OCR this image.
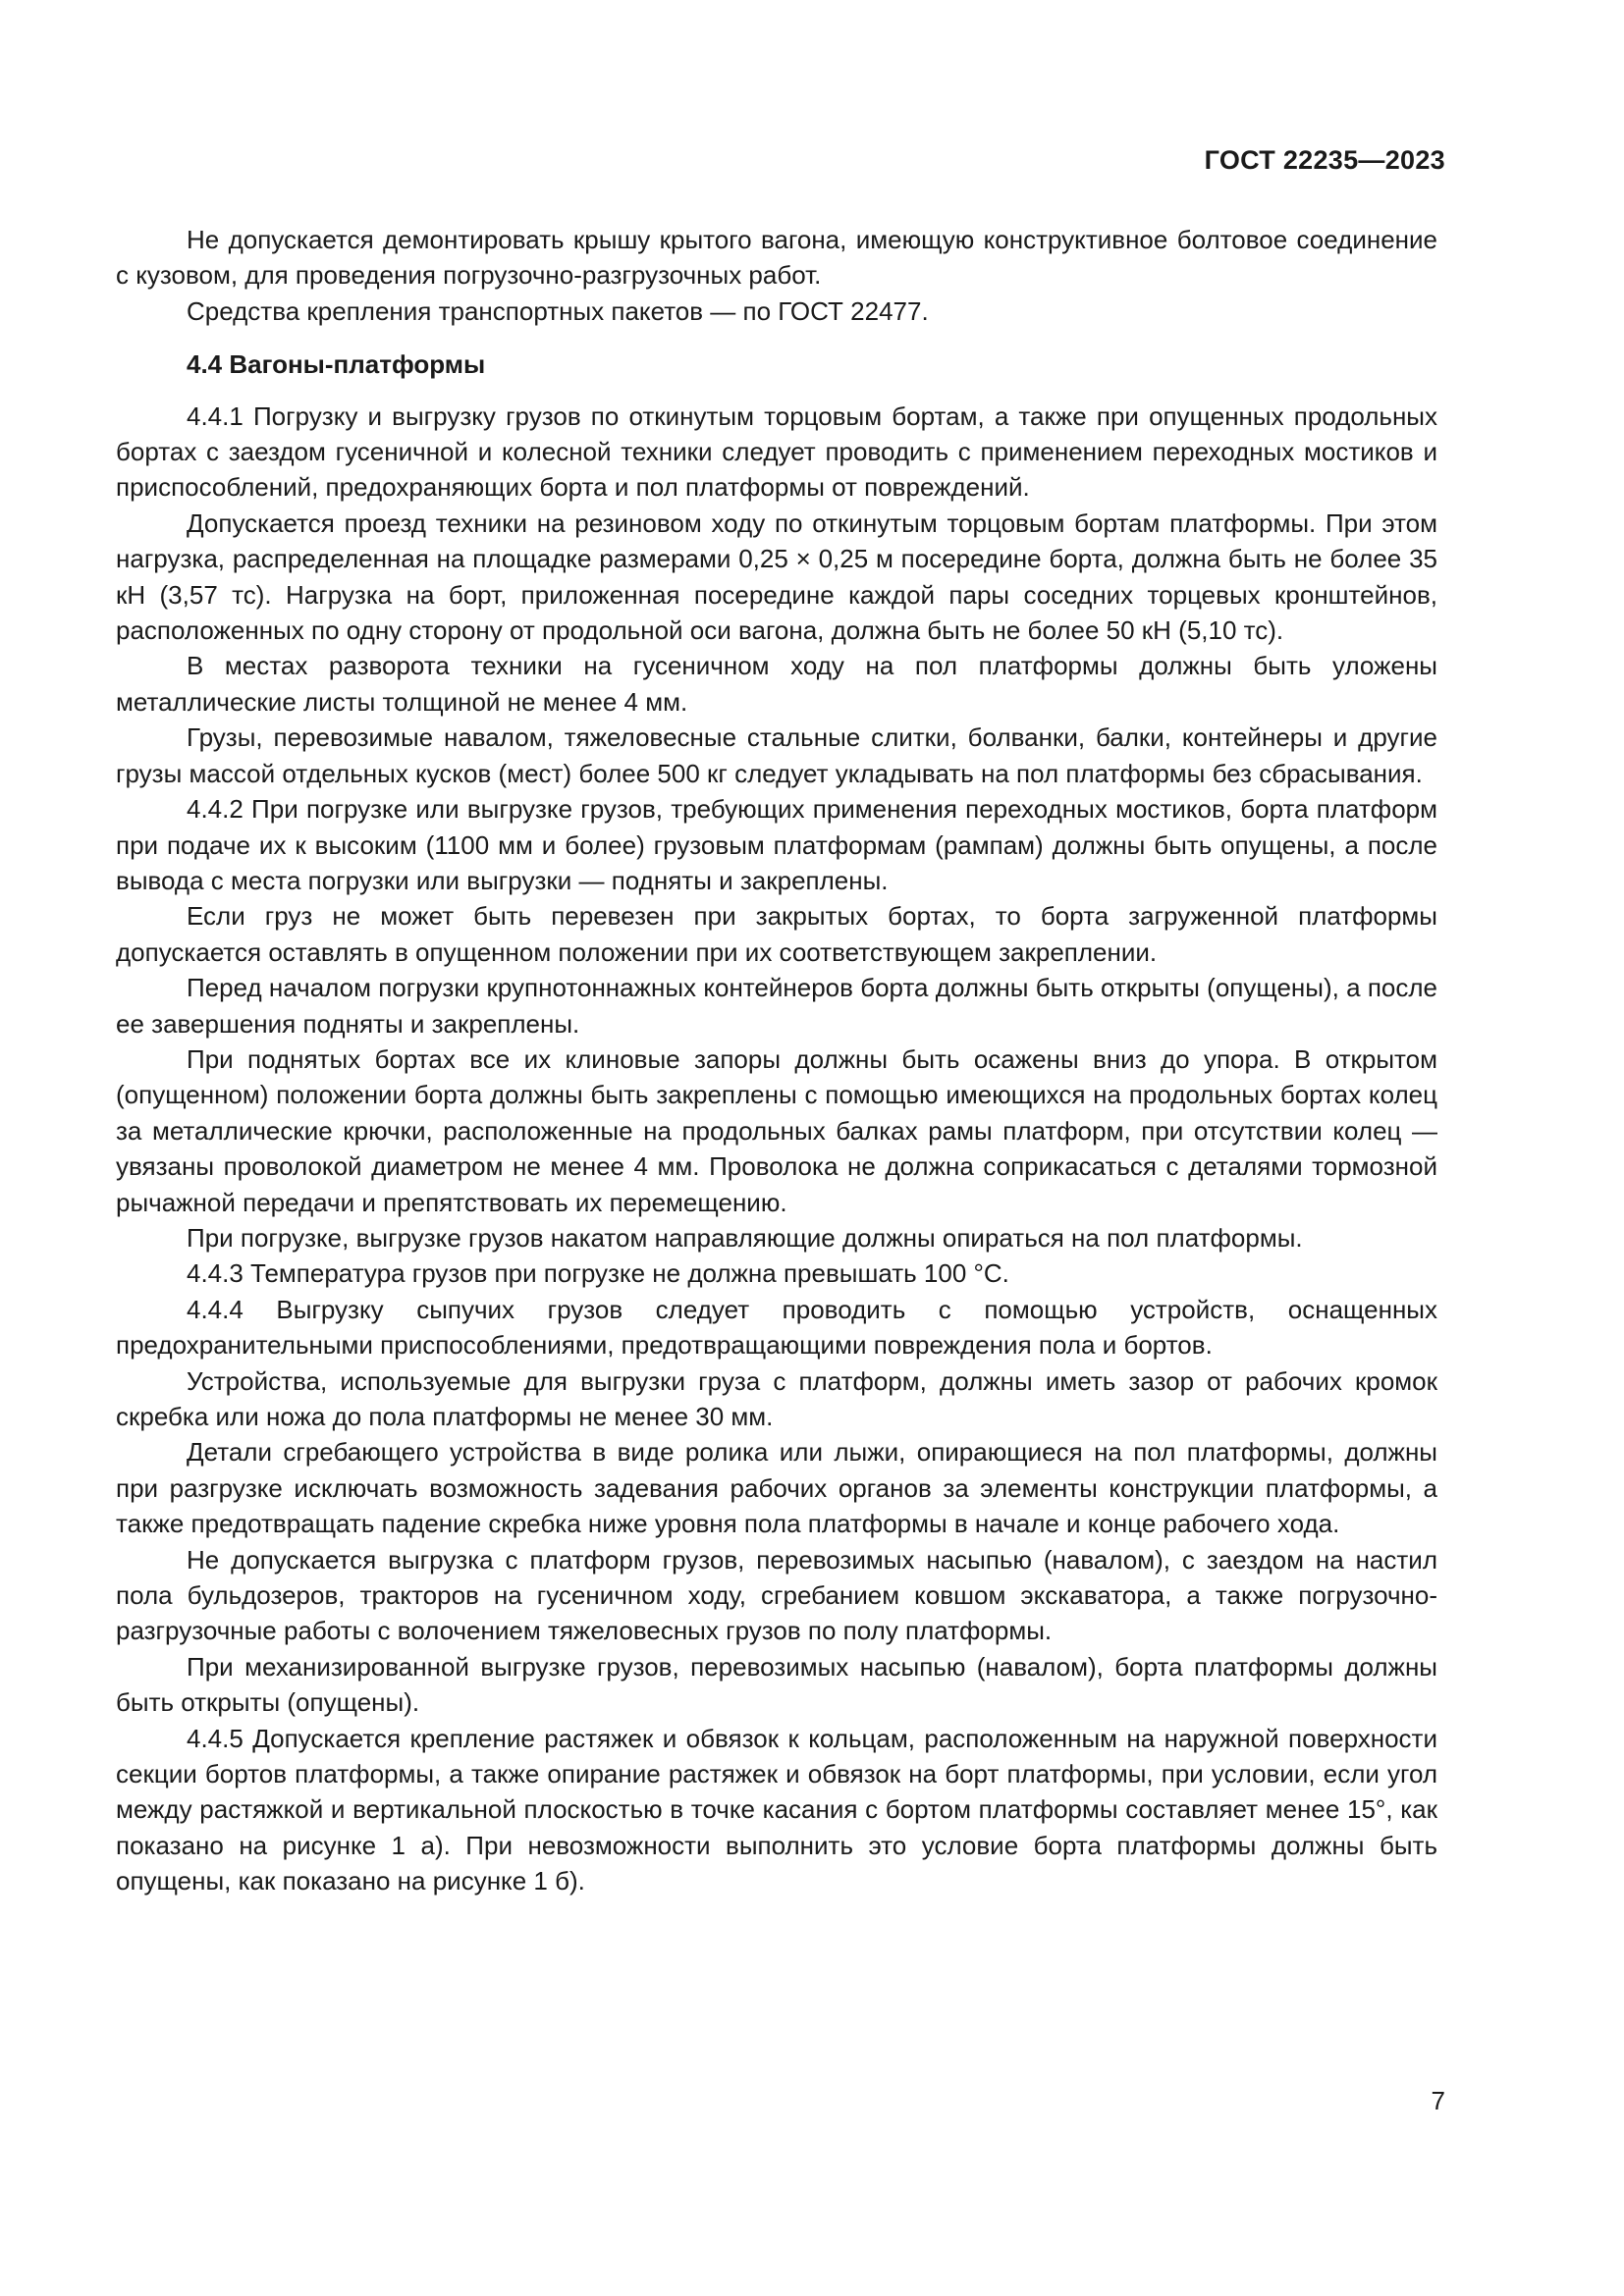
ГОСТ 22235—2023

Не допускается демонтировать крышу крытого вагона, имеющую конструктивное болтовое соединение с кузовом, для проведения погрузочно-разгрузочных работ.

Средства крепления транспортных пакетов — по ГОСТ 22477.

4.4 Вагоны-платформы

4.4.1 Погрузку и выгрузку грузов по откинутым торцовым бортам, а также при опущенных продольных бортах с заездом гусеничной и колесной техники следует проводить с применением переходных мостиков и приспособлений, предохраняющих борта и пол платформы от повреждений.

Допускается проезд техники на резиновом ходу по откинутым торцовым бортам платформы. При этом нагрузка, распределенная на площадке размерами 0,25 × 0,25 м посередине борта, должна быть не более 35 кН (3,57 тс). Нагрузка на борт, приложенная посередине каждой пары соседних торцевых кронштейнов, расположенных по одну сторону от продольной оси вагона, должна быть не более 50 кН (5,10 тс).

В местах разворота техники на гусеничном ходу на пол платформы должны быть уложены металлические листы толщиной не менее 4 мм.

Грузы, перевозимые навалом, тяжеловесные стальные слитки, болванки, балки, контейнеры и другие грузы массой отдельных кусков (мест) более 500 кг следует укладывать на пол платформы без сбрасывания.

4.4.2 При погрузке или выгрузке грузов, требующих применения переходных мостиков, борта платформ при подаче их к высоким (1100 мм и более) грузовым платформам (рампам) должны быть опущены, а после вывода с места погрузки или выгрузки — подняты и закреплены.

Если груз не может быть перевезен при закрытых бортах, то борта загруженной платформы допускается оставлять в опущенном положении при их соответствующем закреплении.

Перед началом погрузки крупнотоннажных контейнеров борта должны быть открыты (опущены), а после ее завершения подняты и закреплены.

При поднятых бортах все их клиновые запоры должны быть осажены вниз до упора. В открытом (опущенном) положении борта должны быть закреплены с помощью имеющихся на продольных бортах колец за металлические крючки, расположенные на продольных балках рамы платформ, при отсутствии колец — увязаны проволокой диаметром не менее 4 мм. Проволока не должна соприкасаться с деталями тормозной рычажной передачи и препятствовать их перемещению.

При погрузке, выгрузке грузов накатом направляющие должны опираться на пол платформы.

4.4.3 Температура грузов при погрузке не должна превышать 100 °С.

4.4.4 Выгрузку сыпучих грузов следует проводить с помощью устройств, оснащенных предохранительными приспособлениями, предотвращающими повреждения пола и бортов.

Устройства, используемые для выгрузки груза с платформ, должны иметь зазор от рабочих кромок скребка или ножа до пола платформы не менее 30 мм.

Детали сгребающего устройства в виде ролика или лыжи, опирающиеся на пол платформы, должны при разгрузке исключать возможность задевания рабочих органов за элементы конструкции платформы, а также предотвращать падение скребка ниже уровня пола платформы в начале и конце рабочего хода.

Не допускается выгрузка с платформ грузов, перевозимых насыпью (навалом), с заездом на настил пола бульдозеров, тракторов на гусеничном ходу, сгребанием ковшом экскаватора, а также погрузочно-разгрузочные работы с волочением тяжеловесных грузов по полу платформы.

При механизированной выгрузке грузов, перевозимых насыпью (навалом), борта платформы должны быть открыты (опущены).

4.4.5 Допускается крепление растяжек и обвязок к кольцам, расположенным на наружной поверхности секции бортов платформы, а также опирание растяжек и обвязок на борт платформы, при условии, если угол между растяжкой и вертикальной плоскостью в точке касания с бортом платформы составляет менее 15°, как показано на рисунке 1 а). При невозможности выполнить это условие борта платформы должны быть опущены, как показано на рисунке 1 б).

7
